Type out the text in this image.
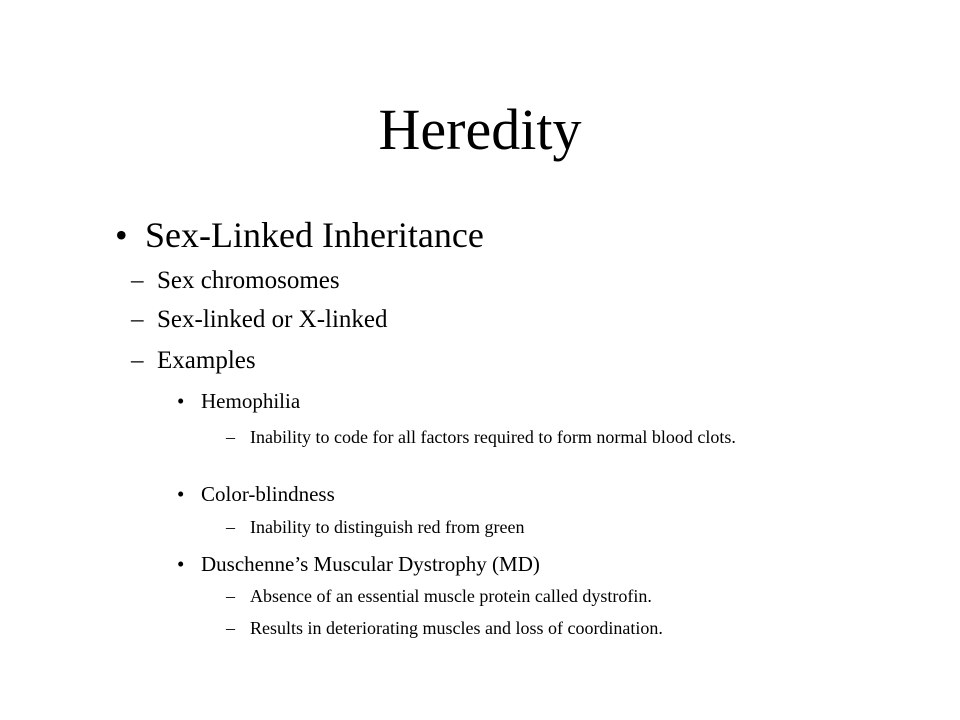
Heredity
• Sex-Linked Inheritance
– Sex chromosomes
– Sex-linked or X-linked
– Examples
• Hemophilia
– Inability to code for all factors required to form normal blood clots.
• Color-blindness
– Inability to distinguish red from green
• Duschenne’s Muscular Dystrophy (MD)
– Absence of an essential muscle protein called dystrofin.
– Results in deteriorating muscles and loss of coordination.
